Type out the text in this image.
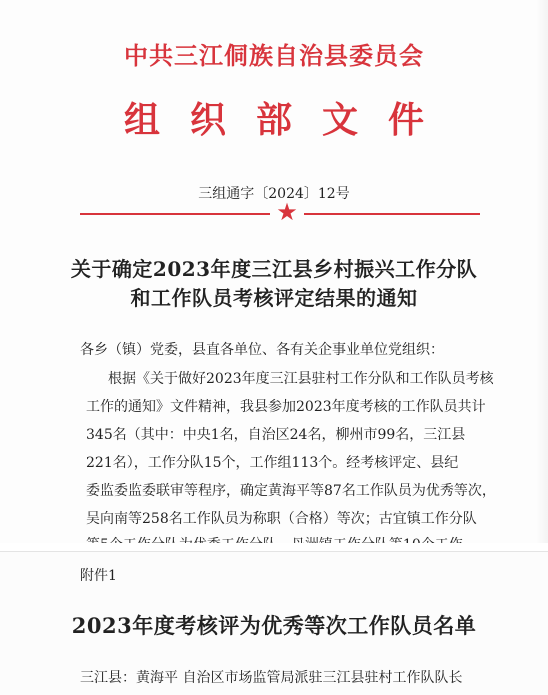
中共三江侗族自治县委员会
组织部文件
三组通字〔2024〕12号
★
关于确定2023年度三江县乡村振兴工作分队
和工作队员考核评定结果的通知
各乡（镇）党委，县直各单位、各有关企事业单位党组织：
根据《关于做好2023年度三江县驻村工作分队和工作队员考核
工作的通知》文件精神，我县参加2023年度考核的工作队员共计
345名（其中：中央1名，自治区24名，柳州市99名，三江县
221名），工作分队15个，工作组113个。经考核评定、县纪
委监委监委联审等程序，确定黄海平等87名工作队员为优秀等次，
吴向南等258名工作队员为称职（合格）等次；古宜镇工作分队
附件1
2023年度考核评为优秀等次工作队员名单
三江县：黄海平 自治区市场监管局派驻三江县驻村工作队队长
